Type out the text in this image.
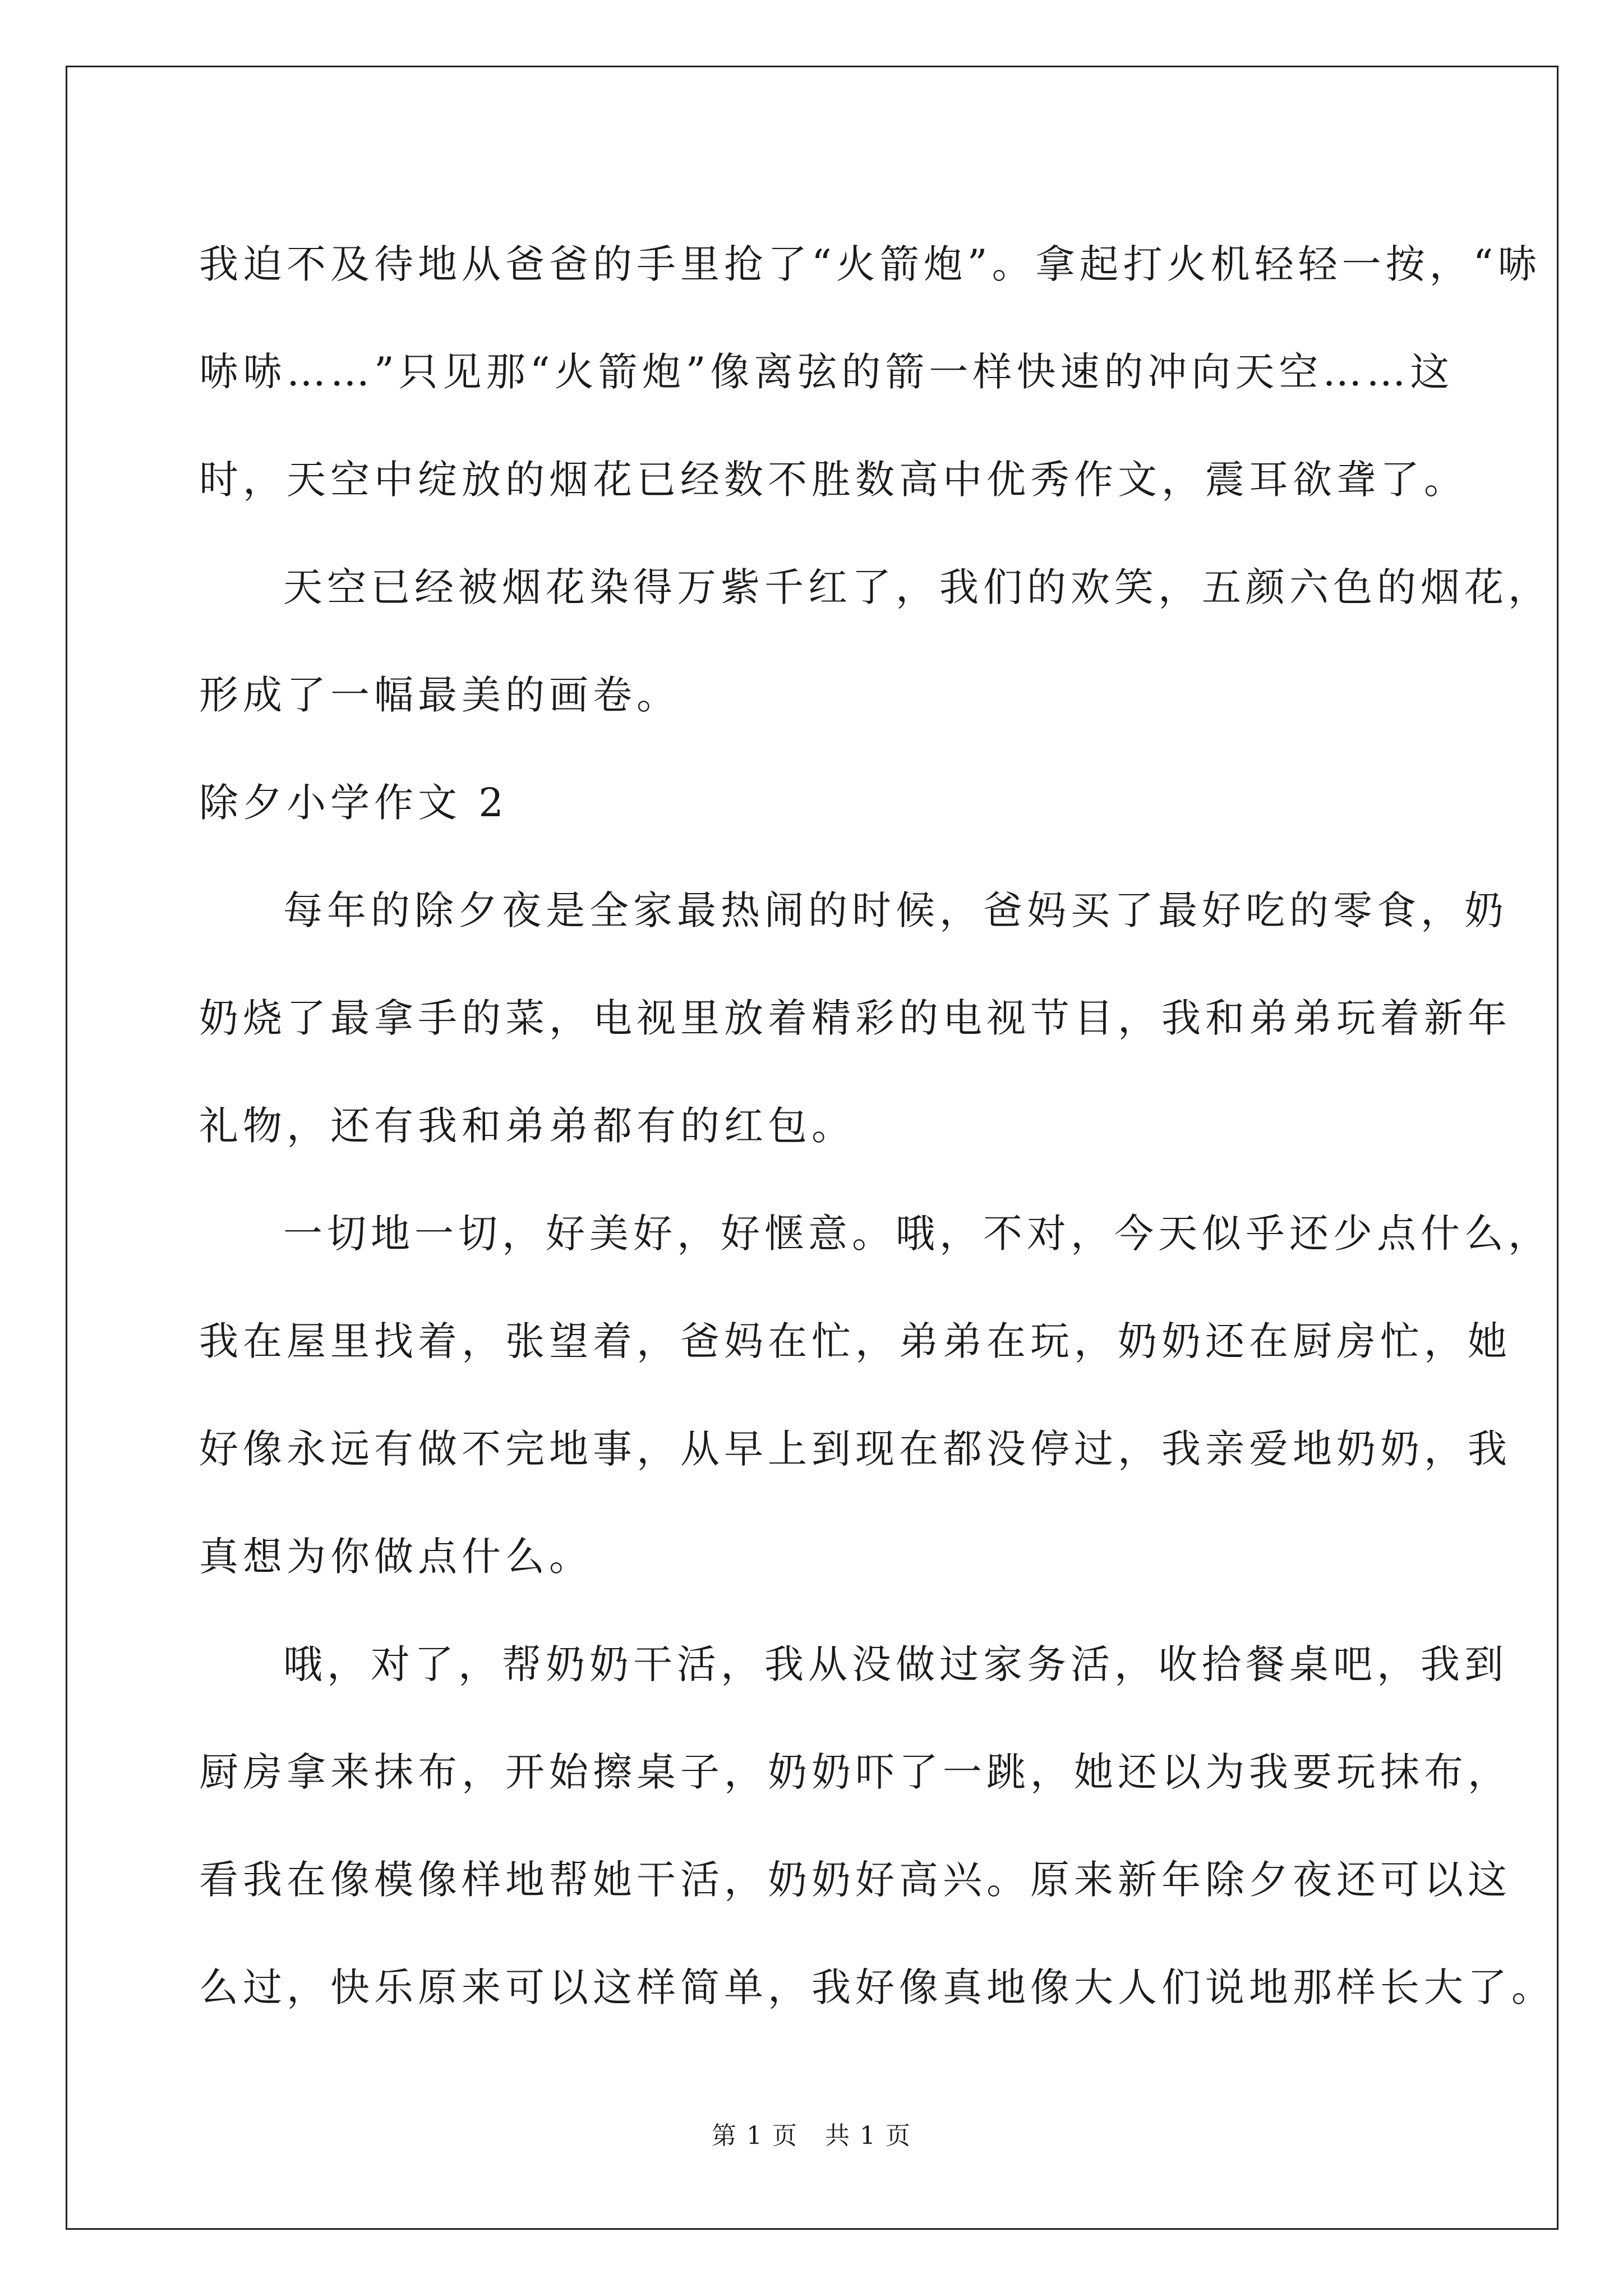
我迫不及待地从爸爸的手里抢了“火箭炮”。拿起打火机轻轻一按，“哧
哧哧……”只见那“火箭炮”像离弦的箭一样快速的冲向天空……这
时，天空中绽放的烟花已经数不胜数高中优秀作文，震耳欲聋了。
天空已经被烟花染得万紫千红了，我们的欢笑，五颜六色的烟花，
形成了一幅最美的画卷。
除夕小学作文 2
每年的除夕夜是全家最热闹的时候，爸妈买了最好吃的零食，奶
奶烧了最拿手的菜，电视里放着精彩的电视节目，我和弟弟玩着新年
礼物，还有我和弟弟都有的红包。
一切地一切，好美好，好惬意。哦，不对，今天似乎还少点什么，
我在屋里找着，张望着，爸妈在忙，弟弟在玩，奶奶还在厨房忙，她
好像永远有做不完地事，从早上到现在都没停过，我亲爱地奶奶，我
真想为你做点什么。
哦，对了，帮奶奶干活，我从没做过家务活，收拾餐桌吧，我到
厨房拿来抹布，开始擦桌子，奶奶吓了一跳，她还以为我要玩抹布，
看我在像模像样地帮她干活，奶奶好高兴。原来新年除夕夜还可以这
么过，快乐原来可以这样简单，我好像真地像大人们说地那样长大了。
第 1 页   共 1 页
